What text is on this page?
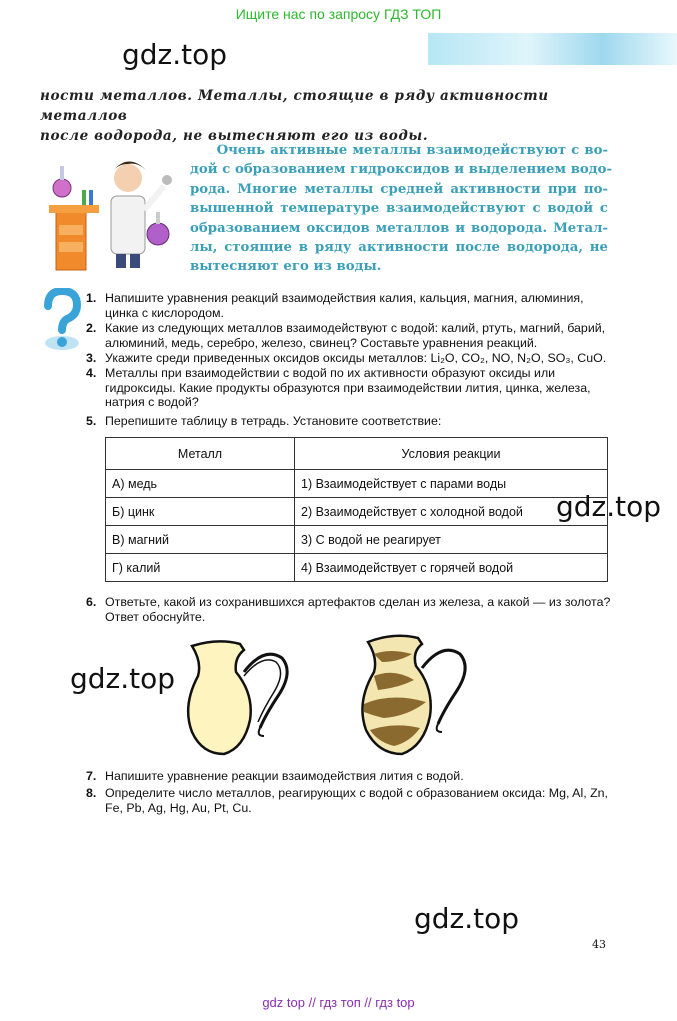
Ищите нас по запросу ГДЗ ТОП
gdz.top
ности металлов. Металлы, стоящие в ряду активности металлов
после водорода, не вытесняют его из воды.
Очень активные металлы взаимодействуют с во-
дой с образованием гидроксидов и выделением водо-
рода. Многие металлы средней активности при по-
вышенной температуре взаимодействуют с водой с
образованием оксидов металлов и водорода. Метал-
лы, стоящие в ряду активности после водорода, не
вытесняют его из воды.
1. Напишите уравнения реакций взаимодействия калия, кальция, магния, алюминия, цинка с кислородом.
2. Какие из следующих металлов взаимодействуют с водой: калий, ртуть, магний, барий, алюминий, медь, серебро, железо, свинец? Составьте уравнения реакций.
3. Укажите среди приведенных оксидов оксиды металлов: Li₂O, CO₂, NO, N₂O, SO₃, CuO.
4. Металлы при взаимодействии с водой по их активности образуют оксиды или гидроксиды. Какие продукты образуются при взаимодействии лития, цинка, железа, натрия с водой?
5. Перепишите таблицу в тетрадь. Установите соответствие:
Металл	Условия реакции
А) медь	1) Взаимодействует с парами воды
Б) цинк	2) Взаимодействует с холодной водой
В) магний	3) С водой не реагирует
Г) калий	4) Взаимодействует с горячей водой
gdz.top
6. Ответьте, какой из сохранившихся артефактов сделан из железа, а какой — из золота? Ответ обоснуйте.
gdz.top
7. Напишите уравнение реакции взаимодействия лития с водой.
8. Определите число металлов, реагирующих с водой с образованием оксида: Mg, Al, Zn, Fe, Pb, Ag, Hg, Au, Pt, Cu.
gdz.top
43
gdz top // гдз топ // гдз top
